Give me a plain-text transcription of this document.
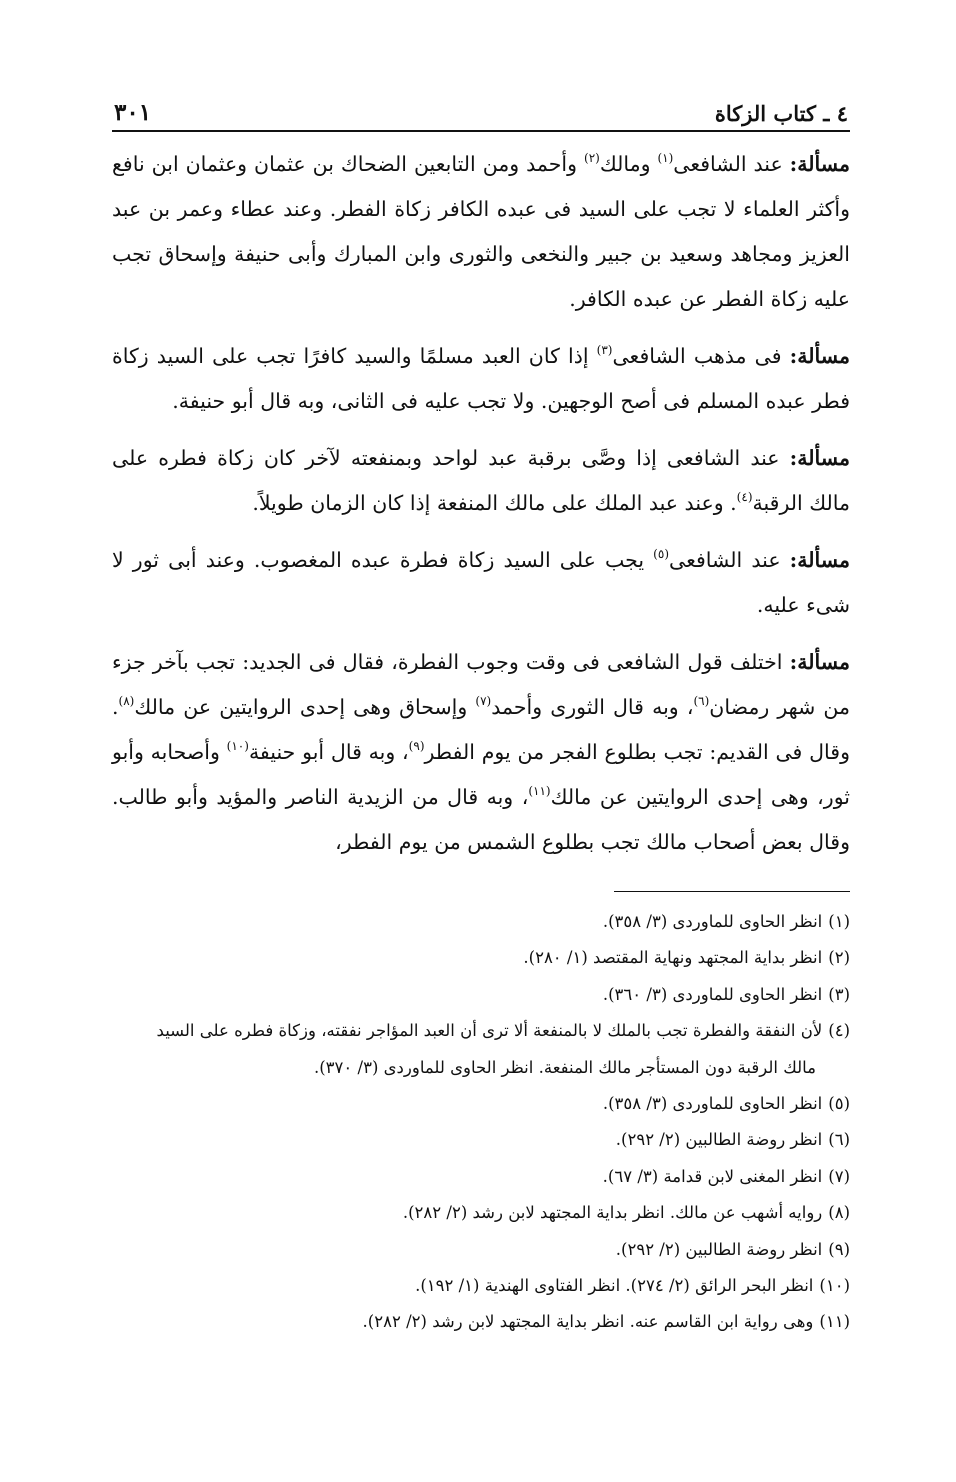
٤ ـ كتاب الزكاة
٣٠١

مسألة: عند الشافعى$^{(١)}$ ومالك$^{(٢)}$ وأحمد ومن التابعين الضحاك بن عثمان وعثمان ابن نافع وأكثر العلماء لا تجب على السيد فى عبده الكافر زكاة الفطر. وعند عطاء وعمر بن عبد العزيز ومجاهد وسعيد بن جبير والنخعى والثورى وابن المبارك وأبى حنيفة وإسحاق تجب عليه زكاة الفطر عن عبده الكافر.

مسألة: فى مذهب الشافعى$^{(٣)}$ إذا كان العبد مسلمًا والسيد كافرًا تجب على السيد زكاة فطر عبده المسلم فى أصح الوجهين. ولا تجب عليه فى الثانى، وبه قال أبو حنيفة.

مسألة: عند الشافعى إذا وصَّى برقبة عبد لواحد وبمنفعته لآخر كان زكاة فطره على مالك الرقبة$^{(٤)}$. وعند عبد الملك على مالك المنفعة إذا كان الزمان طويلاً.

مسألة: عند الشافعى$^{(٥)}$ يجب على السيد زكاة فطرة عبده المغصوب. وعند أبى ثور لا شىء عليه.

مسألة: اختلف قول الشافعى فى وقت وجوب الفطرة، فقال فى الجديد: تجب بآخر جزء من شهر رمضان$^{(٦)}$، وبه قال الثورى وأحمد$^{(٧)}$ وإسحاق وهى إحدى الروايتين عن مالك$^{(٨)}$. وقال فى القديم: تجب بطلوع الفجر من يوم الفطر$^{(٩)}$، وبه قال أبو حنيفة$^{(١٠)}$ وأصحابه وأبو ثور، وهى إحدى الروايتين عن مالك$^{(١١)}$، وبه قال من الزيدية الناصر والمؤيد وأبو طالب. وقال بعض أصحاب مالك تجب بطلوع الشمس من يوم الفطر،

(١)انظر الحاوى للماوردى (٣/ ٣٥٨).

(٢)انظر بداية المجتهد ونهاية المقتصد (١/ ٢٨٠).

(٣)انظر الحاوى للماوردى (٣/ ٣٦٠).

(٤)لأن النفقة والفطرة تجب بالملك لا بالمنفعة ألا ترى أن العبد المؤاجر نفقته، وزكاة فطره على السيد

مالك الرقبة دون المستأجر مالك المنفعة. انظر الحاوى للماوردى (٣/ ٣٧٠).

(٥)انظر الحاوى للماوردى (٣/ ٣٥٨).

(٦)انظر روضة الطالبين (٢/ ٢٩٢).

(٧)انظر المغنى لابن قدامة (٣/ ٦٧).

(٨)روايه أشهب عن مالك. انظر بداية المجتهد لابن رشد (٢/ ٢٨٢).

(٩)انظر روضة الطالبين (٢/ ٢٩٢).

(١٠)انظر البحر الرائق (٢/ ٢٧٤). انظر الفتاوى الهندية (١/ ١٩٢).

(١١)وهى رواية ابن القاسم عنه. انظر بداية المجتهد لابن رشد (٢/ ٢٨٢).
